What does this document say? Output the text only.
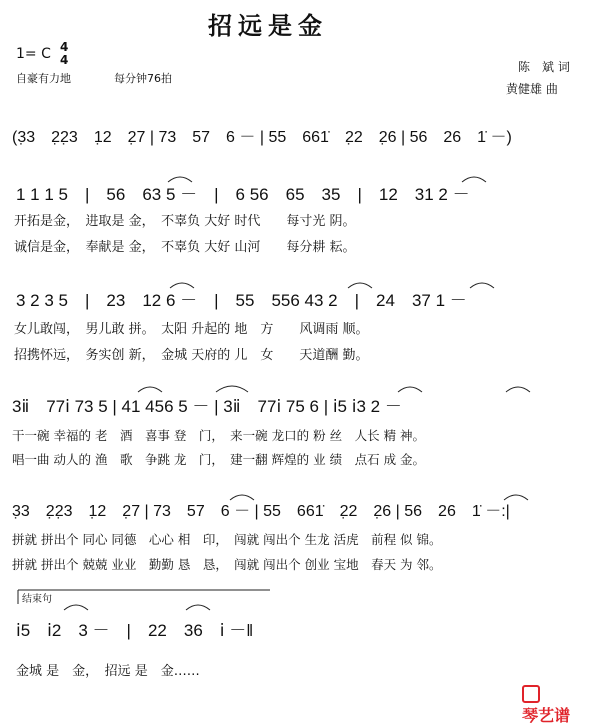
招远是金
1= C 4
4
自豪有力地	每分钟76拍
陈　斌 词
黄健雄 曲
(3̣3　2̣2̣3　1̣2　2̣7 | 73　57　6 － | 55　661̇　2̣2　2̣6 | 56　26　1̇ －)
1 1 1 5　|　56　63 5 －　|　6 56　65　35　|　12　31 2 －
开拓是金，　进取是 金，　不辜负 大好 时代　　每寸光 阴。
诚信是金，　奉献是 金，　不辜负 大好 山河　　每分耕 耘。
3 2 3 5　|　23　12 6 －　|　55　556 43 2　|　24　37 1 －
女儿敢闯，　男儿敢 拼。　太阳 升起的 地　方　　风调雨 顺。
招携怀远，　务实创 新，　金城 天府的 儿　女　　天道酬 勤。
3ⅱ　77ⅰ 73 5 | 41 456 5 － | 3ⅱ　77ⅰ 75 6 | ⅰ5 ⅰ3 2 －
干一碗 幸福的 老　酒　喜事 登　门，　来一碗 龙口的 粉 丝　人长 精 神。
唱一曲 动人的 渔　歌　争跳 龙　门，　建一翻 辉煌的 业 绩　点石 成 金。
3̣3　2̣2̣3　1̣2　2̣7 | 73　57　6 － | 55　661̇　2̣2　2̣6 | 56　26　1̇ －:|
拼就 拼出个 同心 同德　心心 相　印，　闯就 闯出个 生龙 活虎　前程 似 锦。
拼就 拼出个 兢兢 业业　勤勤 恳　恳，　闯就 闯出个 创业 宝地　春天 为 邻。
结束句
ⅰ5　ⅰ2　3 －　|　22　36　ⅰ －‖
金城 是　金，　招远 是　金……

琴艺谱
